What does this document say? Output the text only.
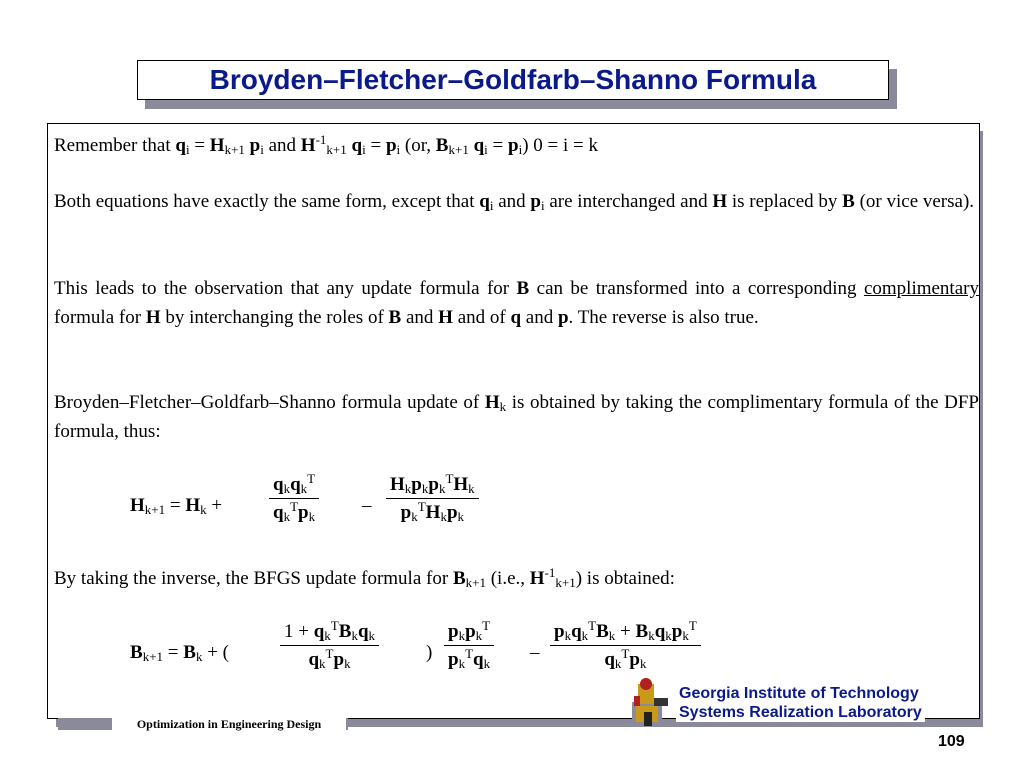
Broyden–Fletcher–Goldfarb–Shanno Formula
Remember that $q_i = H_{k+1}$ $p_i$ and $H^{-1}_{k+1}$ $q_i = p_i$ (or, $B_{k+1}$ $q_i = p_i$) 0 = i = k
Both equations have exactly the same form, except that $q_i$ and $p_i$ are interchanged and H is replaced by B (or vice versa).
This leads to the observation that any update formula for B can be transformed into a corresponding complimentary formula for H by interchanging the roles of B and H and of q and p. The reverse is also true.
Broyden–Fletcher–Goldfarb–Shanno formula update of $H_k$ is obtained by taking the complimentary formula of the DFP formula, thus:
$H_{k+1} = H_k$ +
$q_kq_k^T$
$q_k^Tp_k$
–
$H_kp_kp_k^TH_k$
$p_k^TH_kp_k$
By taking the inverse, the BFGS update formula for $B_{k+1}$ (i.e., $H^{-1}_{k+1}$) is obtained:
$B_{k+1} = B_k$ + (
$1 + q_k^TB_kq_k$
$q_k^Tp_k$
)
$p_kp_k^T$
$p_k^Tq_k$
–
$p_kq_k^TB_k + B_kq_kp_k^T$
$q_k^Tp_k$
Optimization in Engineering Design
Georgia Institute of Technology
Systems Realization Laboratory
109
